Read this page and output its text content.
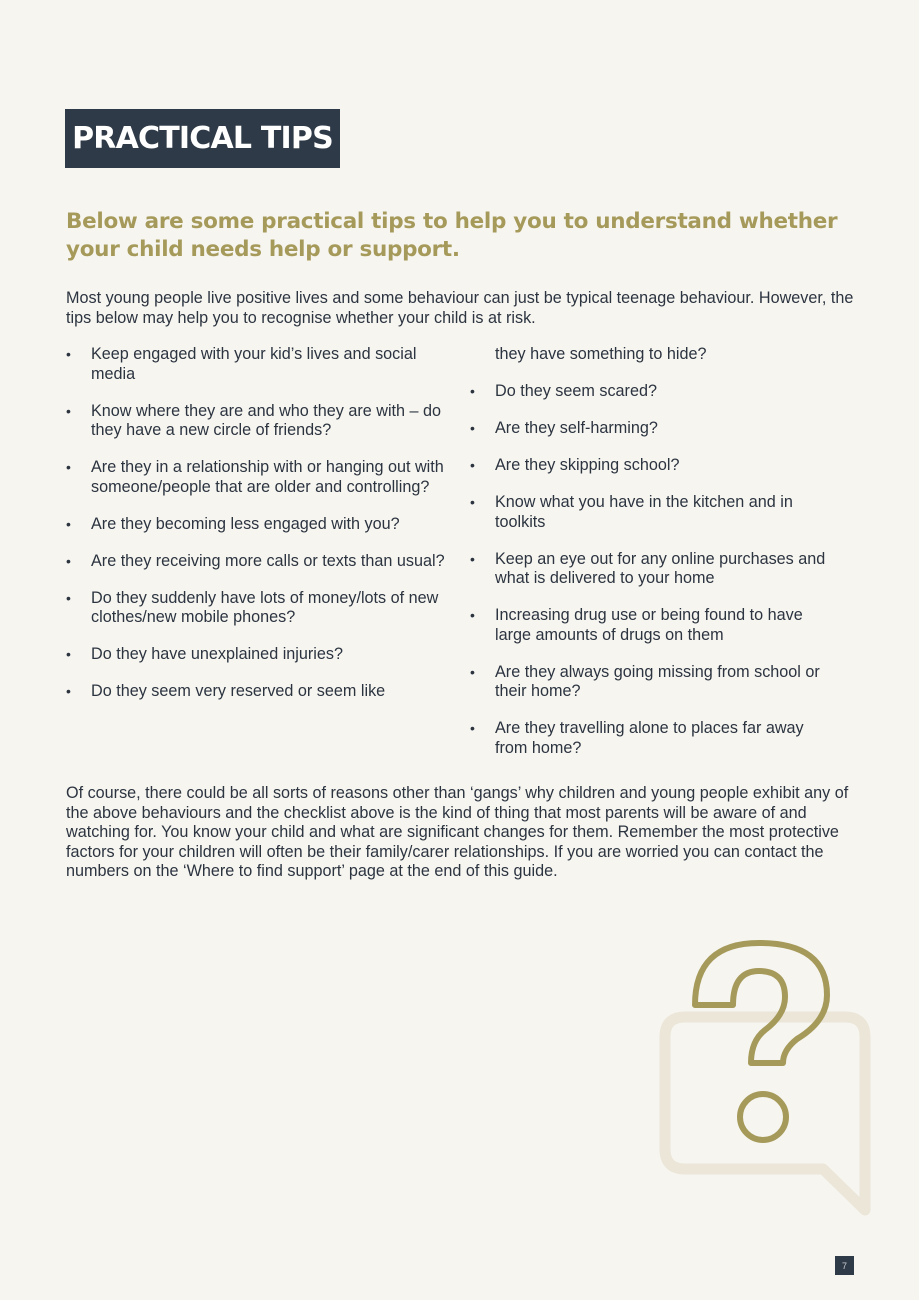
PRACTICAL TIPS

Below are some practical tips to help you to understand whether your child needs help or support.

Most young people live positive lives and some behaviour can just be typical teenage behaviour. However, the tips below may help you to recognise whether your child is at risk.

• Keep engaged with your kid’s lives and social media
• Know where they are and who they are with – do they have a new circle of friends?
• Are they in a relationship with or hanging out with someone/people that are older and controlling?
• Are they becoming less engaged with you?
• Are they receiving more calls or texts than usual?
• Do they suddenly have lots of money/lots of new clothes/new mobile phones?
• Do they have unexplained injuries?
• Do they seem very reserved or seem like
they have something to hide?
• Do they seem scared?
• Are they self-harming?
• Are they skipping school?
• Know what you have in the kitchen and in toolkits
• Keep an eye out for any online purchases and what is delivered to your home
• Increasing drug use or being found to have large amounts of drugs on them
• Are they always going missing from school or their home?
• Are they travelling alone to places far away from home?

Of course, there could be all sorts of reasons other than ‘gangs’ why children and young people exhibit any of the above behaviours and the checklist above is the kind of thing that most parents will be aware of and watching for. You know your child and what are significant changes for them. Remember the most protective factors for your children will often be their family/carer relationships. If you are worried you can contact the numbers on the ‘Where to find support’ page at the end of this guide.

7
